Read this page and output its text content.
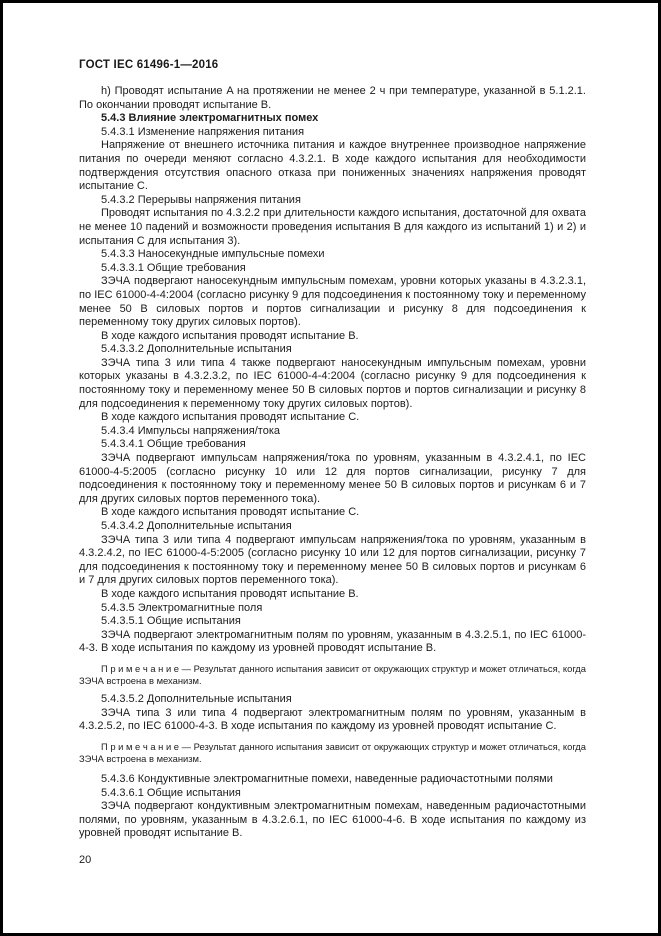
ГОСТ IEC 61496-1—2016

h) Проводят испытание A на протяжении не менее 2 ч при температуре, указанной в 5.1.2.1. По окончании проводят испытание B.

5.4.3 Влияние электромагнитных помех

5.4.3.1 Изменение напряжения питания

Напряжение от внешнего источника питания и каждое внутреннее производное напряжение питания по очереди меняют согласно 4.3.2.1. В ходе каждого испытания для необходимости подтверждения отсутствия опасного отказа при пониженных значениях напряжения проводят испытание C.

5.4.3.2 Перерывы напряжения питания

Проводят испытания по 4.3.2.2 при длительности каждого испытания, достаточной для охвата не менее 10 падений и возможности проведения испытания B для каждого из испытаний 1) и 2) и испытания C для испытания 3).

5.4.3.3 Наносекундные импульсные помехи

5.4.3.3.1 Общие требования

ЗЭЧА подвергают наносекундным импульсным помехам, уровни которых указаны в 4.3.2.3.1, по IEC 61000-4-4:2004 (согласно рисунку 9 для подсоединения к постоянному току и переменному менее 50 В силовых портов и портов сигнализации и рисунку 8 для подсоединения к переменному току других силовых портов).

В ходе каждого испытания проводят испытание B.

5.4.3.3.2 Дополнительные испытания

ЗЭЧА типа 3 или типа 4 также подвергают наносекундным импульсным помехам, уровни которых указаны в 4.3.2.3.2, по IEC 61000-4-4:2004 (согласно рисунку 9 для подсоединения к постоянному току и переменному менее 50 В силовых портов и портов сигнализации и рисунку 8 для подсоединения к переменному току других силовых портов).

В ходе каждого испытания проводят испытание C.

5.4.3.4 Импульсы напряжения/тока

5.4.3.4.1 Общие требования

ЗЭЧА подвергают импульсам напряжения/тока по уровням, указанным в 4.3.2.4.1, по IEC 61000-4-5:2005 (согласно рисунку 10 или 12 для портов сигнализации, рисунку 7 для подсоединения к постоянному току и переменному менее 50 В силовых портов и рисункам 6 и 7 для других силовых портов переменного тока).

В ходе каждого испытания проводят испытание C.

5.4.3.4.2 Дополнительные испытания

ЗЭЧА типа 3 или типа 4 подвергают импульсам напряжения/тока по уровням, указанным в 4.3.2.4.2, по IEC 61000-4-5:2005 (согласно рисунку 10 или 12 для портов сигнализации, рисунку 7 для подсоединения к постоянному току и переменному менее 50 В силовых портов и рисункам 6 и 7 для других силовых портов переменного тока).

В ходе каждого испытания проводят испытание B.

5.4.3.5 Электромагнитные поля

5.4.3.5.1 Общие испытания

ЗЭЧА подвергают электромагнитным полям по уровням, указанным в 4.3.2.5.1, по IEC 61000-4-3. В ходе испытания по каждому из уровней проводят испытание B.

П р и м е ч а н и е — Результат данного испытания зависит от окружающих структур и может отличаться, когда ЗЭЧА встроена в механизм.

5.4.3.5.2 Дополнительные испытания

ЗЭЧА типа 3 или типа 4 подвергают электромагнитным полям по уровням, указанным в 4.3.2.5.2, по IEC 61000-4-3. В ходе испытания по каждому из уровней проводят испытание C.

П р и м е ч а н и е — Результат данного испытания зависит от окружающих структур и может отличаться, когда ЗЭЧА встроена в механизм.

5.4.3.6 Кондуктивные электромагнитные помехи, наведенные радиочастотными полями

5.4.3.6.1 Общие испытания

ЗЭЧА подвергают кондуктивным электромагнитным помехам, наведенным радиочастотными полями, по уровням, указанным в 4.3.2.6.1, по IEC 61000-4-6. В ходе испытания по каждому из уровней проводят испытание B.

20
